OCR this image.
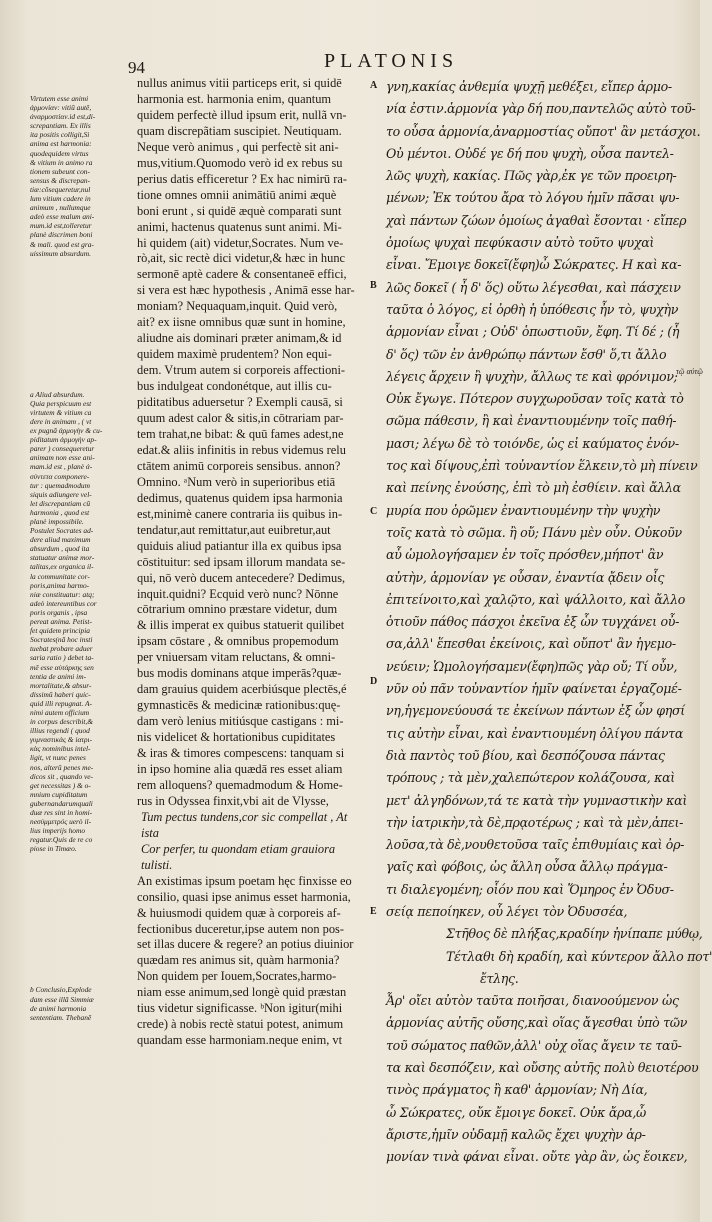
94	PLATONIS
Virtutem esse animi
ἁρμονίαν: vitiū autē,
ἀναρμοστίαν.id est,di-
screpantiam. Ex illis
ita positis colligit,Si
anima est harmonia:
quodequidem virtus
& vitium in animo ra
tionem subeunt con-
sensus & discrepan-
tiæ:cōsequeretur,nul
lum vitium cadere in
animum , nullumque
adeò esse malum ani-
mum.id est,tolleretur
planè discrimen boni
& mali. quod est gra-
uissimum absurdum.
a Aliud absurdum.
Quia perspicuum est
virtutem & vitium ca
dere in animam , ( vt
ex pugnā ἁρμογὴν & cu-
piditatum ἁρμογὴν ap-
parer ) consequeretur
animam non esse ani-
mam.id est , planè ἀ-
σύντετα componere-
tur : quemadmodum
siquis adiungere vel-
let discrepantiam cū
harmonia , quod est
planè impossibile.
Postulet Socrates ad-
dere aliud maximum
absurdum , quod ita
statuatur animæ mor-
talitas,ex organica il-
la communitate cor-
poris,anima harmo-
niæ constituatur: atq;
adeò intereuntibus cor
poris organis , ipsa
pereat anima. Petist-
fet quidem principia
Socrates(nā hoc insti
tuebat probare aduer
saria ratio ) debet ta-
mē esse αὐτάρκης sen
tentia de animi im-
mortalitate,& absur-
dissimū haberi quic-
quid illi repugnat. A-
nimi autem officium
in corpus describit,&
illius regendi ( quod
γυμναστικὰς & ἰατρι-
κὰς nominibus intel-
ligit, vt nunc penes
nos, alterū penes me-
dicos sit , quando ve-
get necessitas ) & o-
mnium cupiditatum
gubernandarumquali
duæ res sint in homi-
neσύμμετρός uerò il-
lius imperijs homo
regatur.Quis de re co
piose in Timæo.
b Conclusio,Explode
dam esse illā Simmiæ
de animi harmonia
sententiam. Thebanē
nullus animus vitii particeps erit, si quidē
harmonia est. harmonia enim, quantum
quidem perfectè illud ipsum erit, nullã vn-
quam discrepãtiam suscipiet. Neutiquam.
Neque verò animus , qui perfectè sit ani-
mus,vitium.Quomodo verò id ex rebus su
perius datis efficeretur ? Ex hac nimirū ra-
tione omnes omnii animātiū animi æquè
boni erunt , si quidē æquè comparati sunt
animi, hactenus quatenus sunt animi. Mi-
hi quidem (ait) videtur,Socrates. Num ve-
rò,ait, sic rectè dici videtur,& hæc in hunc
sermonē aptè cadere & consentaneē effici,
si vera est hæc hypothesis , Animā esse har-
moniam? Nequaquam,inquit. Quid verò,
ait? ex iisne omnibus quæ sunt in homine,
aliudne ais dominari præter animam,& id
quidem maximè prudentem? Non equi-
dem. Vtrum autem si corporeis affectioni-
bus indulgeat condonétque, aut illis cu-
piditatibus aduersetur ? Exempli causā, si
quum adest calor & sitis,in cōtrariam par-
tem trahat,ne bibat: & quū fames adest,ne
edat.& aliis infinitis in rebus videmus relu
ctātem animū corporeis sensibus. annon?
Omnino. ᵃNum verò in superioribus etiā
dedimus, quatenus quidem ipsa harmonia
est,minimè canere contraria iis quibus in-
tendatur,aut remittatur,aut euibretur,aut
quiduis aliud patiantur illa ex quibus ipsa
cōstituitur: sed ipsam illorum mandata se-
qui, nō verò ducem antecedere? Dedimus,
inquit.quidni? Ecquid verò nunc? Nōnne
cōtrarium omnino præstare videtur, dum
& illis imperat ex quibus statuerit quilibet
ipsam cōstare , & omnibus propemodum
per vniuersam vitam reluctans, & omni-
bus modis dominans atque imperās?quæ-
dam grauius quidem acerbiúsque plectēs,é
gymnasticēs & medicinæ rationibus:quę-
dam verò lenius mitiúsque castigans : mi-
nis videlicet & hortationibus cupiditates
& iras & timores compescens: tanquam si
in ipso homine alia quædā res esset aliam
rem alloquens? quemadmodum & Home-
rus in Odyssea finxit,vbi ait de Vlysse,
Tum pectus tundens,cor sic compellat , At
ista
Cor perfer, tu quondam etiam grauiora
tulisti.
An existimas ipsum poetam hęc finxisse eo
consilio, quasi ipse animus esset harmonia,
& huiusmodi quidem quæ à corporeis af-
fectionibus duceretur,ipse autem non pos-
set illas ducere & regere? an potius diuinior
quædam res animus sit, quàm harmonia?
Non quidem per Iouem,Socrates,harmo-
niam esse animum,sed longè quid præstan
tius videtur significasse. ᵇNon igitur(mihi
crede) à nobis rectè statui potest, animum
quandam esse harmoniam.neque enim, vt
A
B
C
D
E
γνη,κακίας ἀνθεμία ψυχῇ μεθέξει, εἴπερ ἁρμο-
νία ἐστιν.ἁρμονία γὰρ δή που,παντελῶς αὐτὸ τοῦ-
το οὖσα ἁρμονία,ἀναρμοστίας οὔποτ' ἂν μετάσχοι.
Οὐ μέντοι. Οὐδέ γε δή που ψυχὴ, οὖσα παντελ-
λῶς ψυχὴ, κακίας. Πῶς γὰρ,ἐκ γε τῶν προειρη-
μένων; Ἐκ τούτου ἄρα τὸ λόγου ἡμῖν πᾶσαι ψυ-
χαὶ πάντων ζώων ὁμοίως ἀγαθαὶ ἔσονται · εἴπερ
ὁμοίως ψυχαὶ πεφύκασιν αὐτὸ τοῦτο ψυχαὶ
εἶναι. Ἔμοιγε δοκεῖ(ἔφη)ὦ Σώκρατες. Η καὶ κα-
λῶς δοκεῖ ( ἦ δ' ὅς) οὕτω λέγεσθαι, καὶ πάσχειν
ταῦτα ὁ λόγος, εἰ ὀρθὴ ἡ ὑπόθεσις ἦν τὸ, ψυχὴν
ἁρμονίαν εἶναι ; Οὐδ' ὁπωστιοῦν, ἔφη. Τί δέ ; (ἦ
δ' ὅς) τῶν ἐν ἀνθρώπῳ πάντων ἔσθ' ὅ,τι ἄλλο
λέγεις ἄρχειν ἢ ψυχὴν, ἄλλως τε καὶ φρόνιμον;
Οὐκ ἔγωγε. Πότερον συγχωροῦσαν τοῖς κατὰ τὸ
σῶμα πάθεσιν, ἢ καὶ ἐναντιουμένην τοῖς παθή-
μασι; λέγω δὲ τὸ τοιόνδε, ὡς εἰ καύματος ἐνόν-
τος καὶ δίψους,ἐπὶ τοὐναντίον ἕλκειν,τὸ μὴ πίνειν
καὶ πείνης ἐνούσης, ἐπὶ τὸ μὴ ἐσθίειν. καὶ ἄλλα
μυρία που ὁρῶμεν ἐναντιουμένην τὴν ψυχὴν
τοῖς κατὰ τὸ σῶμα. ἢ οὔ; Πάνυ μὲν οὖν. Οὐκοῦν
αὖ ὡμολογήσαμεν ἐν τοῖς πρόσθεν,μήποτ' ἂν
αὐτὴν, ἁρμονίαν γε οὖσαν, ἐναντία ᾄδειν οἷς
ἐπιτείνοιτο,καὶ χαλῷτο, καὶ ψάλλοιτο, καὶ ἄλλο
ὁτιοῦν πάθος πάσχοι ἐκεῖνα ἐξ ὧν τυγχάνει οὖ-
σα,ἀλλ' ἕπεσθαι ἐκείνοις, καὶ οὔποτ' ἂν ἡγεμο-
νεύειν; Ὡμολογήσαμεν(ἔφη)πῶς γὰρ οὔ; Τί οὖν,
νῦν οὐ πᾶν τοὐναντίον ἡμῖν φαίνεται ἐργαζομέ-
νη,ἡγεμονεύουσά τε ἐκείνων πάντων ἐξ ὧν φησί
τις αὐτὴν εἶναι, καὶ ἐναντιουμένη ὀλίγου πάντα
διὰ παντὸς τοῦ βίου, καὶ δεσπόζουσα πάντας
τρόπους ; τὰ μὲν,χαλεπώτερον κολάζουσα, καὶ
μετ' ἀλγηδόνων,τά τε κατὰ τὴν γυμναστικὴν καὶ
τὴν ἰατρικὴν,τὰ δὲ,πρᾳοτέρως ; καὶ τὰ μὲν,ἀπει-
λοῦσα,τὰ δὲ,νουθετοῦσα ταῖς ἐπιθυμίαις καὶ ὀρ-
γαῖς καὶ φόβοις, ὡς ἄλλη οὖσα ἄλλῳ πράγμα-
τι διαλεγομένη; οἷόν που καὶ Ὅμηρος ἐν Ὀδυσ-
σείᾳ πεποίηκεν, οὗ λέγει τὸν Ὀδυσσέα,
Στῆθος δὲ πλήξας,κραδίην ἠνίπαπε μύθῳ,
Τέτλαθι δὴ κραδίη, καὶ κύντερον ἄλλο ποτ'
ἔτλης.
Ἆρ' οἴει αὐτὸν ταῦτα ποιῆσαι, διανοούμενον ὡς
ἁρμονίας αὐτῆς οὔσης,καὶ οἵας ἄγεσθαι ὑπὸ τῶν
τοῦ σώματος παθῶν,ἀλλ' οὐχ οἵας ἄγειν τε ταῦ-
τα καὶ δεσπόζειν, καὶ οὔσης αὐτῆς πολὺ θειοτέρου
τινὸς πράγματος ἢ καθ' ἁρμονίαν; Νὴ Δία,
ὦ Σώκρατες, οὔκ ἔμοιγε δοκεῖ. Οὐκ ἄρα,ὦ
ἄριστε,ἡμῖν οὐδαμῇ καλῶς ἔχει ψυχὴν ἁρ-
μονίαν τινὰ φάναι εἶναι. οὔτε γὰρ ἂν, ὡς ἔοικεν,
τῷ αὐτῷ
